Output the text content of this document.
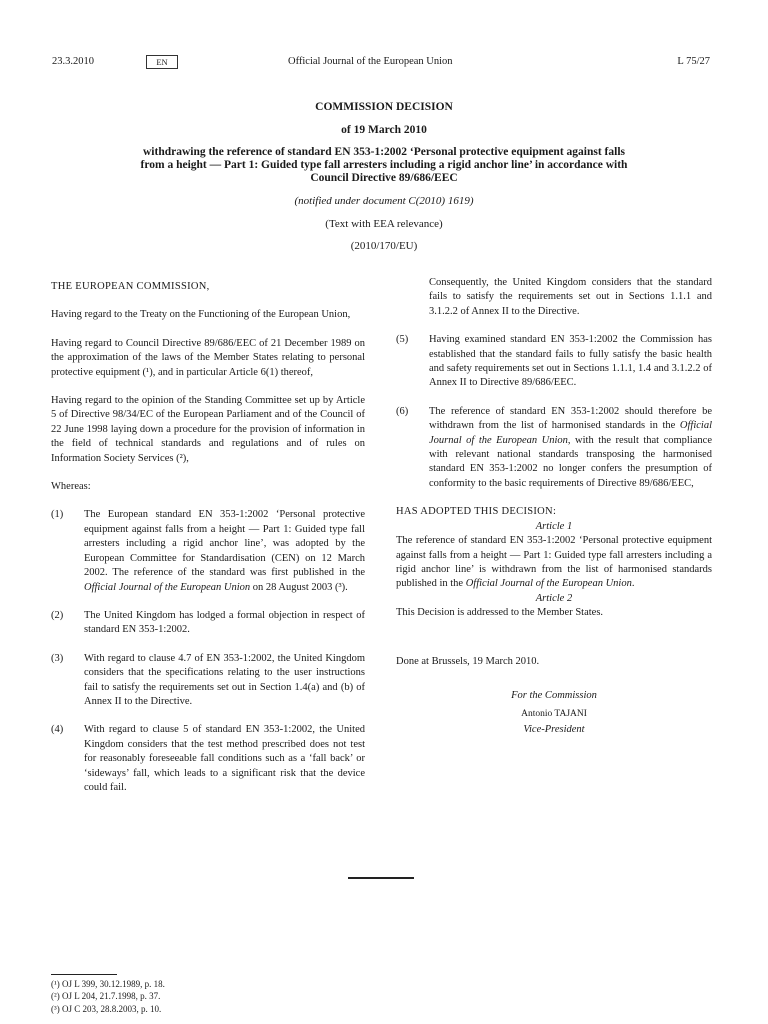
23.3.2010	EN	Official Journal of the European Union	L 75/27
COMMISSION DECISION
of 19 March 2010
withdrawing the reference of standard EN 353-1:2002 ‘Personal protective equipment against falls
from a height — Part 1: Guided type fall arresters including a rigid anchor line’ in accordance with
Council Directive 89/686/EEC
(notified under document C(2010) 1619)
(Text with EEA relevance)
(2010/170/EU)

THE EUROPEAN COMMISSION,

Having regard to the Treaty on the Functioning of the European Union,

Having regard to Council Directive 89/686/EEC of 21 December 1989 on the approximation of the laws of the Member States relating to personal protective equipment (¹), and in particular Article 6(1) thereof,

Having regard to the opinion of the Standing Committee set up by Article 5 of Directive 98/34/EC of the European Parliament and of the Council of 22 June 1998 laying down a procedure for the provision of information in the field of technical standards and regulations and of rules on Information Society Services (²),

Whereas:

(1)	The European standard EN 353-1:2002 ‘Personal protective equipment against falls from a height — Part 1: Guided type fall arresters including a rigid anchor line’, was adopted by the European Committee for Standardisation (CEN) on 12 March 2002. The reference of the standard was first published in the Official Journal of the European Union on 28 August 2003 (³).
(2)	The United Kingdom has lodged a formal objection in respect of standard EN 353-1:2002.
(3)	With regard to clause 4.7 of EN 353-1:2002, the United Kingdom considers that the specifications relating to the user instructions fail to satisfy the requirements set out in Section 1.4(a) and (b) of Annex II to the Directive.
(4)	With regard to clause 5 of standard EN 353-1:2002, the United Kingdom considers that the test method prescribed does not test for reasonably foreseeable fall conditions such as a ‘fall back’ or ‘sideways’ fall, which leads to a significant risk that the device could fail.
Consequently, the United Kingdom considers that the standard fails to satisfy the requirements set out in Sections 1.1.1 and 3.1.2.2 of Annex II to the Directive.
(5)	Having examined standard EN 353-1:2002 the Commission has established that the standard fails to fully satisfy the basic health and safety requirements set out in Sections 1.1.1, 1.4 and 3.1.2.2 of Annex II to Directive 89/686/EEC.
(6)	The reference of standard EN 353-1:2002 should therefore be withdrawn from the list of harmonised standards in the Official Journal of the European Union, with the result that compliance with relevant national standards transposing the harmonised standard EN 353-1:2002 no longer confers the presumption of conformity to the basic requirements of Directive 89/686/EEC,

HAS ADOPTED THIS DECISION:

Article 1

The reference of standard EN 353-1:2002 ‘Personal protective equipment against falls from a height — Part 1: Guided type fall arresters including a rigid anchor line’ is withdrawn from the list of harmonised standards published in the Official Journal of the European Union.

Article 2

This Decision is addressed to the Member States.

Done at Brussels, 19 March 2010.

For the Commission
Antonio TAJANI
Vice-President
(¹) OJ L 399, 30.12.1989, p. 18.
(²) OJ L 204, 21.7.1998, p. 37.
(³) OJ C 203, 28.8.2003, p. 10.
